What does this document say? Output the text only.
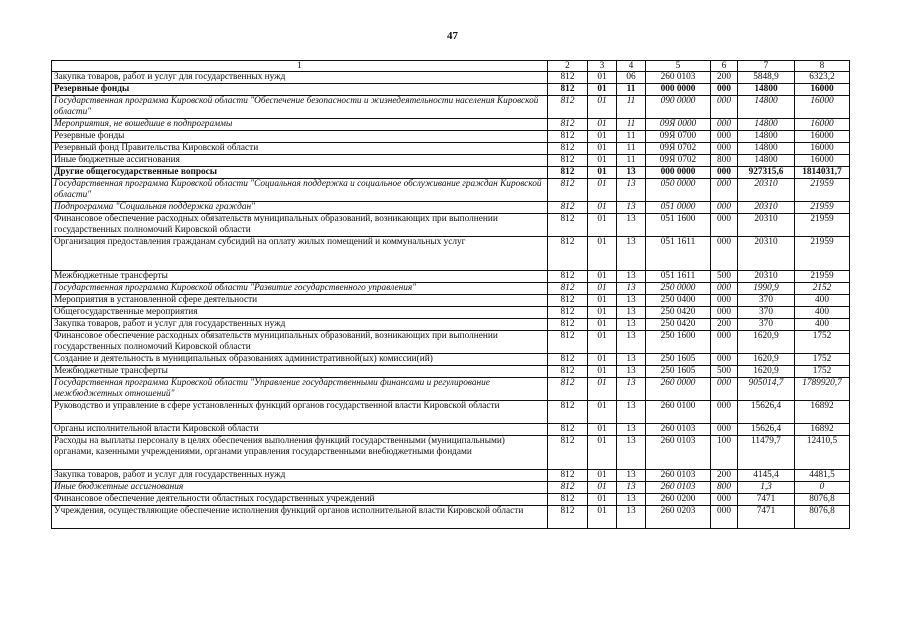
47
1	2	3	4	5	6	7	8
Закупка товаров, работ и услуг для государственных нужд	812	01	06	260 0103	200	5848,9	6323,2
Резервные фонды	812	01	11	000 0000	000	14800	16000
Государственная программа Кировской области "Обеспечение безопасности и жизнедеятельности населения Кировской области"	812	01	11	090 0000	000	14800	16000
Мероприятия, не вошедшие в подпрограммы	812	01	11	09Я 0000	000	14800	16000
Резервные фонды	812	01	11	09Я 0700	000	14800	16000
Резервный фонд Правительства Кировской области	812	01	11	09Я 0702	000	14800	16000
Иные бюджетные ассигнования	812	01	11	09Я 0702	800	14800	16000
Другие общегосударственные вопросы	812	01	13	000 0000	000	927315,6	1814031,7
Государственная программа Кировской области "Социальная поддержка и социальное обслуживание граждан Кировской области"	812	01	13	050 0000	000	20310	21959
Подпрограмма "Социальная поддержка граждан"	812	01	13	051 0000	000	20310	21959
Финансовое обеспечение расходных обязательств муниципальных образований, возникающих при выполнении государственных полномочий Кировской области	812	01	13	051 1600	000	20310	21959
Организация предоставления гражданам субсидий на оплату жилых помещений и коммунальных услуг	812	01	13	051 1611	000	20310	21959
Межбюджетные трансферты	812	01	13	051 1611	500	20310	21959
Государственная программа Кировской области "Развитие государственного управления"	812	01	13	250 0000	000	1990,9	2152
Мероприятия в установленной сфере деятельности	812	01	13	250 0400	000	370	400
Общегосударственные мероприятия	812	01	13	250 0420	000	370	400
Закупка товаров, работ и услуг для государственных нужд	812	01	13	250 0420	200	370	400
Финансовое обеспечение расходных обязательств муниципальных образований, возникающих при выполнении государственных полномочий Кировской области	812	01	13	250 1600	000	1620,9	1752
Создание и деятельность в муниципальных образованиях административной(ых) комиссии(ий)	812	01	13	250 1605	000	1620,9	1752
Межбюджетные трансферты	812	01	13	250 1605	500	1620,9	1752
Государственная программа Кировской области "Управление государственными финансами и регулирование межбюджетных отношений"	812	01	13	260 0000	000	905014,7	1789920,7
Руководство и управление в сфере установленных функций органов государственной власти Кировской области	812	01	13	260 0100	000	15626,4	16892
Органы исполнительной власти Кировской области	812	01	13	260 0103	000	15626,4	16892
Расходы на выплаты персоналу в целях обеспечения выполнения функций государственными (муниципальными) органами, казенными учреждениями, органами управления государственными внебюджетными фондами	812	01	13	260 0103	100	11479,7	12410,5
Закупка товаров, работ и услуг для государственных нужд	812	01	13	260 0103	200	4145,4	4481,5
Иные бюджетные ассигнования	812	01	13	260 0103	800	1,3	0
Финансовое обеспечение деятельности областных государственных учреждений	812	01	13	260 0200	000	7471	8076,8
Учреждения, осуществляющие обеспечение исполнения функций органов исполнительной власти Кировской области	812	01	13	260 0203	000	7471	8076,8
